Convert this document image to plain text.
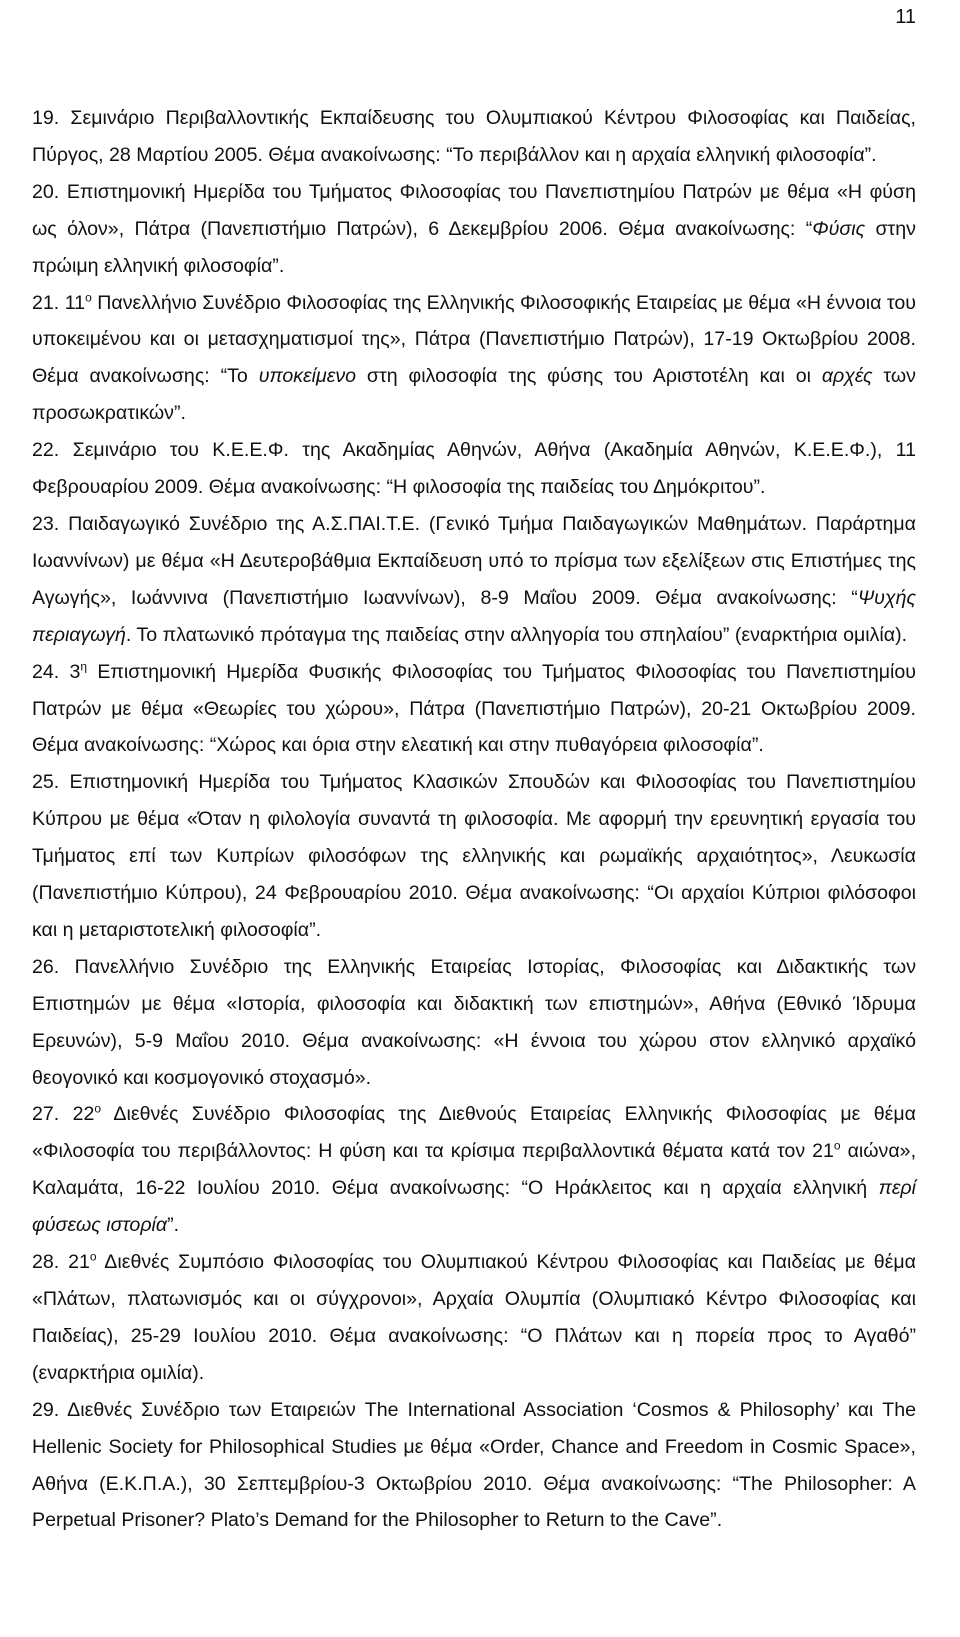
11

19. Σεμινάριο Περιβαλλοντικής Εκπαίδευσης του Ολυμπιακού Κέντρου Φιλοσοφίας και Παιδείας, Πύργος, 28 Μαρτίου 2005. Θέμα ανακοίνωσης: “Το περιβάλλον και η αρχαία ελληνική φιλοσοφία”.

20. Επιστημονική Ημερίδα του Τμήματος Φιλοσοφίας του Πανεπιστημίου Πατρών με θέμα «Η φύση ως όλον», Πάτρα (Πανεπιστήμιο Πατρών), 6 Δεκεμβρίου 2006. Θέμα ανακοίνωσης: “Φύσις στην πρώιμη ελληνική φιλοσοφία”.

21. $11^o$ Πανελλήνιο Συνέδριο Φιλοσοφίας της Ελληνικής Φιλοσοφικής Εταιρείας με θέμα «Η έννοια του υποκειμένου και οι μετασχηματισμοί της», Πάτρα (Πανεπιστήμιο Πατρών), 17-19 Οκτωβρίου 2008. Θέμα ανακοίνωσης: “Το υποκείμενο στη φιλοσοφία της φύσης του Αριστοτέλη και οι αρχές των προσωκρατικών”.

22. Σεμινάριο του Κ.Ε.Ε.Φ. της Ακαδημίας Αθηνών, Αθήνα (Ακαδημία Αθηνών, Κ.Ε.Ε.Φ.), 11 Φεβρουαρίου 2009. Θέμα ανακοίνωσης: “Η φιλοσοφία της παιδείας του Δημόκριτου”.

23. Παιδαγωγικό Συνέδριο της Α.Σ.ΠΑΙ.Τ.Ε. (Γενικό Τμήμα Παιδαγωγικών Μαθημάτων. Παράρτημα Ιωαννίνων) με θέμα «Η Δευτεροβάθμια Εκπαίδευση υπό το πρίσμα των εξελίξεων στις Επιστήμες της Αγωγής», Ιωάννινα (Πανεπιστήμιο Ιωαννίνων), 8-9 Μαΐου 2009. Θέμα ανακοίνωσης: “Ψυχής περιαγωγή. Το πλατωνικό πρόταγμα της παιδείας στην αλληγορία του σπηλαίου” (εναρκτήρια ομιλία).

24. $3^\eta$ Επιστημονική Ημερίδα Φυσικής Φιλοσοφίας του Τμήματος Φιλοσοφίας του Πανεπιστημίου Πατρών με θέμα «Θεωρίες του χώρου», Πάτρα (Πανεπιστήμιο Πατρών), 20-21 Οκτωβρίου 2009. Θέμα ανακοίνωσης: “Χώρος και όρια στην ελεατική και στην πυθαγόρεια φιλοσοφία”.

25. Επιστημονική Ημερίδα του Τμήματος Κλασικών Σπουδών και Φιλοσοφίας του Πανεπιστημίου Κύπρου με θέμα «Όταν η φιλολογία συναντά τη φιλοσοφία. Με αφορμή την ερευνητική εργασία του Τμήματος επί των Κυπρίων φιλοσόφων της ελληνικής και ρωμαϊκής αρχαιότητος», Λευκωσία (Πανεπιστήμιο Κύπρου), 24 Φεβρουαρίου 2010. Θέμα ανακοίνωσης: “Οι αρχαίοι Κύπριοι φιλόσοφοι και η μεταριστοτελική φιλοσοφία”.

26. Πανελλήνιο Συνέδριο της Ελληνικής Εταιρείας Ιστορίας, Φιλοσοφίας και Διδακτικής των Επιστημών με θέμα «Ιστορία, φιλοσοφία και διδακτική των επιστημών», Αθήνα (Εθνικό Ίδρυμα Ερευνών), 5-9 Μαΐου 2010. Θέμα ανακοίνωσης: «Η έννοια του χώρου στον ελληνικό αρχαϊκό θεογονικό και κοσμογονικό στοχασμό».

27. $22^o$ Διεθνές Συνέδριο Φιλοσοφίας της Διεθνούς Εταιρείας Ελληνικής Φιλοσοφίας με θέμα «Φιλοσοφία του περιβάλλοντος: Η φύση και τα κρίσιμα περιβαλλοντικά θέματα κατά τον $21^o$ αιώνα», Καλαμάτα, 16-22 Ιουλίου 2010. Θέμα ανακοίνωσης: “Ο Ηράκλειτος και η αρχαία ελληνική περί φύσεως ιστορία”.

28. $21^o$ Διεθνές Συμπόσιο Φιλοσοφίας του Ολυμπιακού Κέντρου Φιλοσοφίας και Παιδείας με θέμα «Πλάτων, πλατωνισμός και οι σύγχρονοι», Αρχαία Ολυμπία (Ολυμπιακό Κέντρο Φιλοσοφίας και Παιδείας), 25-29 Ιουλίου 2010. Θέμα ανακοίνωσης: “Ο Πλάτων και η πορεία προς το Αγαθό” (εναρκτήρια ομιλία).

29. Διεθνές Συνέδριο των Εταιρειών The International Association ‘Cosmos & Philosophy’ και The Hellenic Society for Philosophical Studies με θέμα «Order, Chance and Freedom in Cosmic Space», Αθήνα (Ε.Κ.Π.Α.), 30 Σεπτεμβρίου-3 Οκτωβρίου 2010. Θέμα ανακοίνωσης: “The Philosopher: A Perpetual Prisoner? Plato’s Demand for the Philosopher to Return to the Cave”.
